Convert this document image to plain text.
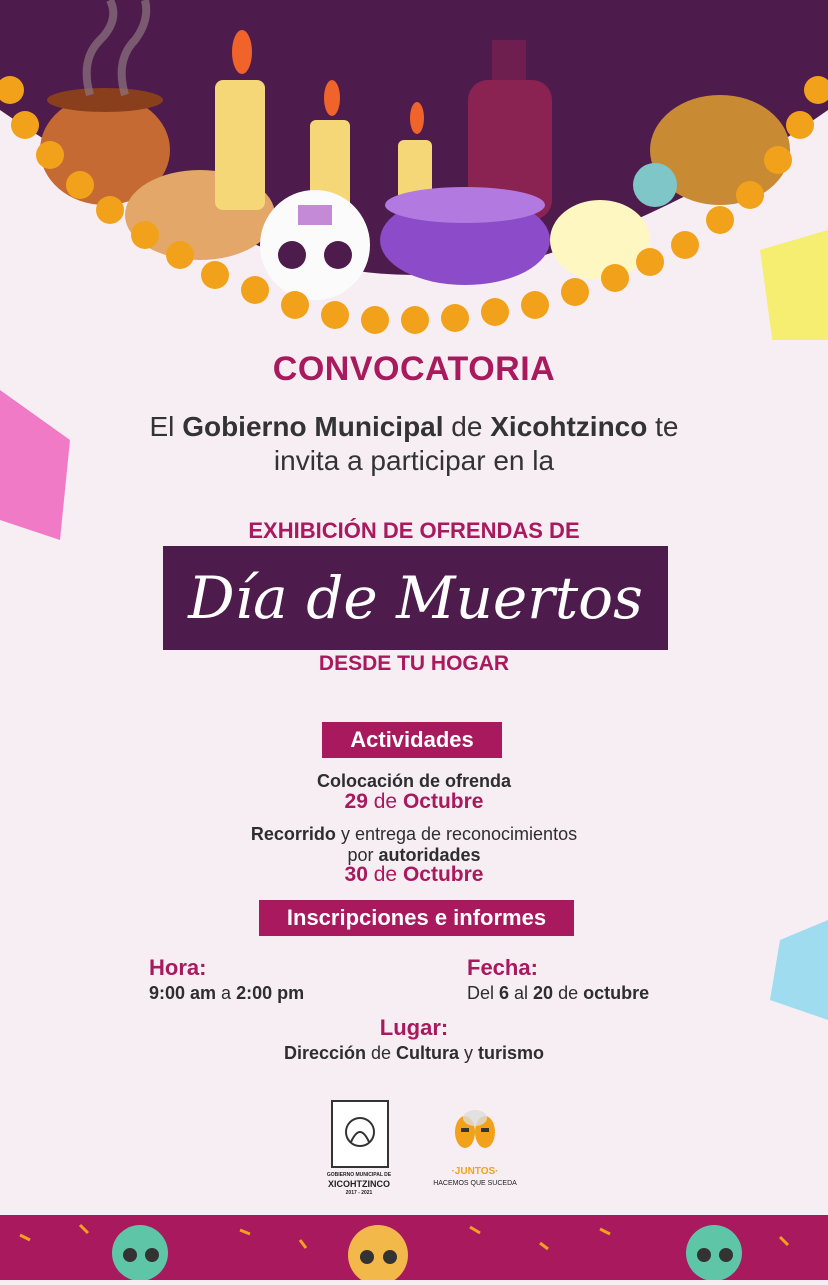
CONVOCATORIA
El Gobierno Municipal de Xicohtzinco te
invita a participar en la
EXHIBICIÓN DE OFRENDAS DE
Día de Muertos
DESDE TU HOGAR
Actividades
Colocación de ofrenda
29 de Octubre
Recorrido y entrega de reconocimientos
por autoridades
30 de Octubre
Inscripciones e informes
Hora:
9:00 am a 2:00 pm
Fecha:
Del 6 al 20 de octubre
Lugar:
Dirección de Cultura y turismo
GOBIERNO MUNICIPAL DE
XICOHTZINCO
2017 - 2021
·JUNTOS·
HACEMOS QUE SUCEDA
